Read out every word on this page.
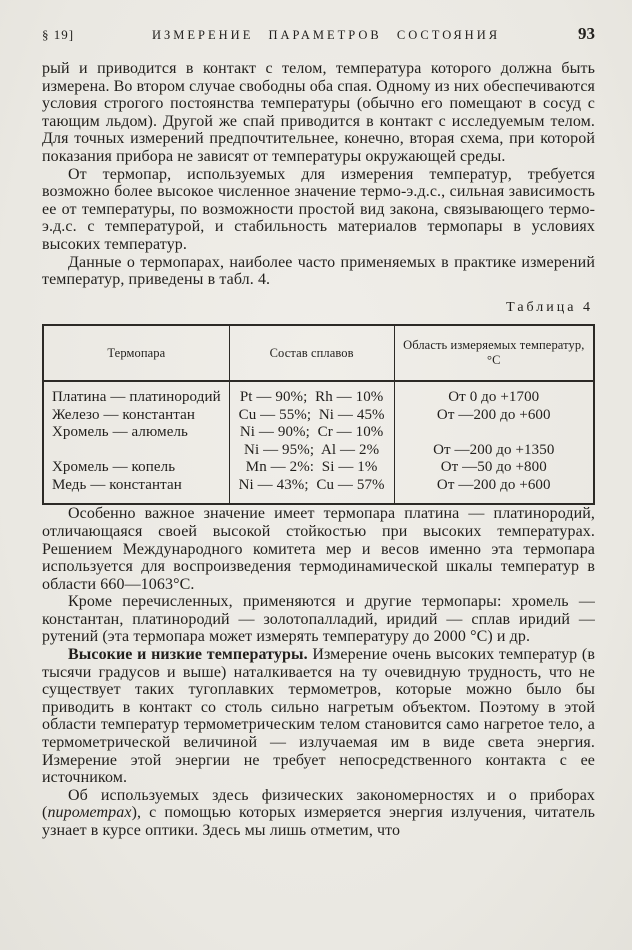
§ 19]	ИЗМЕРЕНИЕ ПАРАМЕТРОВ СОСТОЯНИЯ	93

рый и приводится в контакт с телом, температура которого должна быть измерена. Во втором случае свободны оба спая. Одному из них обеспечиваются условия строгого постоянства температуры (обычно его помещают в сосуд с тающим льдом). Другой же спай приводится в контакт с исследуемым телом. Для точных измерений предпочтительнее, конечно, вторая схема, при которой показания прибора не зависят от температуры окружающей среды.

От термопар, используемых для измерения температур, требуется возможно более высокое численное значение термо-э.д.с., сильная зависимость ее от температуры, по возможности простой вид закона, связывающего термо-э.д.с. с температурой, и стабильность материалов термопары в условиях высоких температур.

Данные о термопарах, наиболее часто применяемых в практике измерений температур, приведены в табл. 4.

Таблица 4
Термопара	Состав сплавов	Область измеряемых температур, °С
Платина — платинородий	Pt — 90%;  Rh — 10%	От 0 до +1700
Железо — константан	Cu — 55%;  Ni — 45%	От —200 до +600
Хромель — алюмель	Ni — 90%;  Cr — 10%	
	Ni — 95%;  Al — 2%	От —200 до +1350
Хромель — копель	Mn — 2%:  Si — 1%	От —50 до +800
Медь — константан	Ni — 43%;  Cu — 57%	От —200 до +600

Особенно важное значение имеет термопара платина — платинородий, отличающаяся своей высокой стойкостью при высоких температурах. Решением Международного комитета мер и весов именно эта термопара используется для воспроизведения термодинамической шкалы температур в области 660—1063°С.

Кроме перечисленных, применяются и другие термопары: хромель — константан, платинородий — золотопалладий, иридий — сплав иридий — рутений (эта термопара может измерять температуру до 2000 °С) и др.

Высокие и низкие температуры. Измерение очень высоких температур (в тысячи градусов и выше) наталкивается на ту очевидную трудность, что не существует таких тугоплавких термометров, которые можно было бы приводить в контакт со столь сильно нагретым объектом. Поэтому в этой области температур термометрическим телом становится само нагретое тело, а термометрической величиной — излучаемая им в виде света энергия. Измерение этой энергии не требует непосредственного контакта с ее источником.

Об используемых здесь физических закономерностях и о приборах (пирометрах), с помощью которых измеряется энергия излучения, читатель узнает в курсе оптики. Здесь мы лишь отметим, что
